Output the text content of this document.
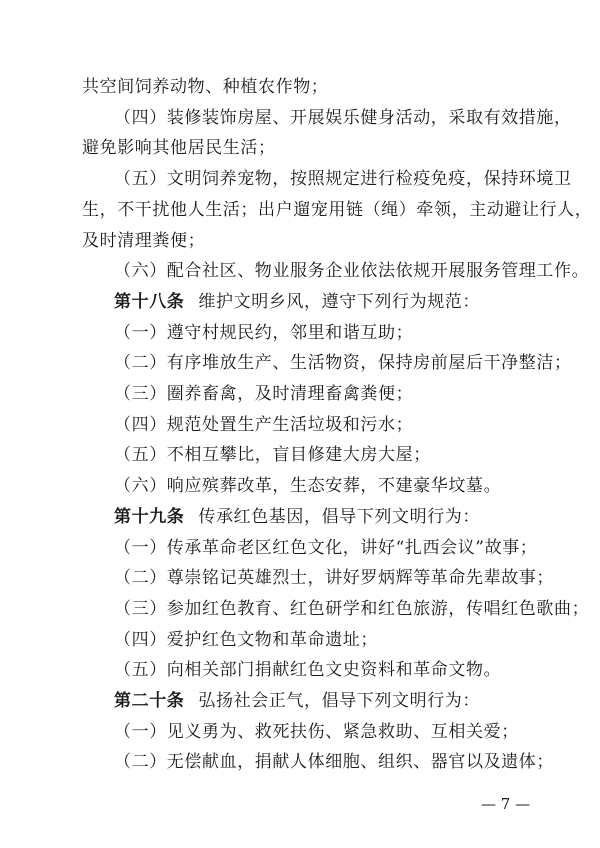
共空间饲养动物、种植农作物；
（四）装修装饰房屋、开展娱乐健身活动，采取有效措施，
避免影响其他居民生活；
（五）文明饲养宠物，按照规定进行检疫免疫，保持环境卫
生，不干扰他人生活；出户遛宠用链（绳）牵领，主动避让行人，
及时清理粪便；
（六）配合社区、物业服务企业依法依规开展服务管理工作。
第十八条 维护文明乡风，遵守下列行为规范：
（一）遵守村规民约，邻里和谐互助；
（二）有序堆放生产、生活物资，保持房前屋后干净整洁；
（三）圈养畜禽，及时清理畜禽粪便；
（四）规范处置生产生活垃圾和污水；
（五）不相互攀比，盲目修建大房大屋；
（六）响应殡葬改革，生态安葬，不建豪华坟墓。
第十九条 传承红色基因，倡导下列文明行为：
（一）传承革命老区红色文化，讲好“扎西会议”故事；
（二）尊崇铭记英雄烈士，讲好罗炳辉等革命先辈故事；
（三）参加红色教育、红色研学和红色旅游，传唱红色歌曲；
（四）爱护红色文物和革命遗址；
（五）向相关部门捐献红色文史资料和革命文物。
第二十条 弘扬社会正气，倡导下列文明行为：
（一）见义勇为、救死扶伤、紧急救助、互相关爱；
（二）无偿献血，捐献人体细胞、组织、器官以及遗体；
— 7 —
